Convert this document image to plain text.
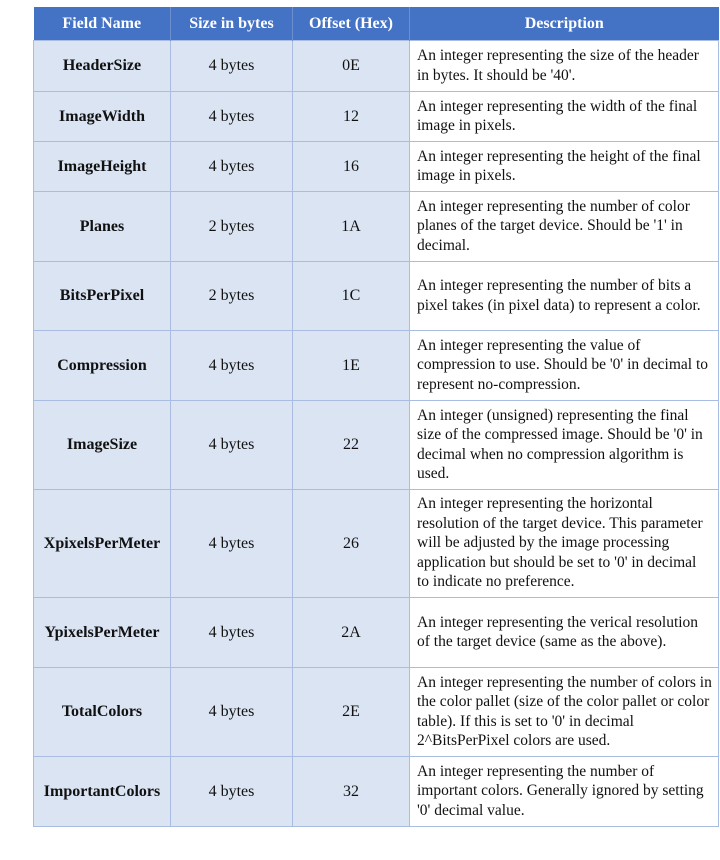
Field Name	Size in bytes	Offset (Hex)	Description
HeaderSize	4 bytes	0E	An integer representing the size of the header in bytes. It should be '40'.
ImageWidth	4 bytes	12	An integer representing the width of the final image in pixels.
ImageHeight	4 bytes	16	An integer representing the height of the final image in pixels.
Planes	2 bytes	1A	An integer representing the number of color planes of the target device. Should be '1' in decimal.
BitsPerPixel	2 bytes	1C	An integer representing the number of bits a pixel takes (in pixel data) to represent a color.
Compression	4 bytes	1E	An integer representing the value of compression to use. Should be '0' in decimal to represent no-compression.
ImageSize	4 bytes	22	An integer (unsigned) representing the final size of the compressed image. Should be '0' in decimal when no compression algorithm is used.
XpixelsPerMeter	4 bytes	26	An integer representing the horizontal resolution of the target device. This parameter will be adjusted by the image processing application but should be set to '0' in decimal to indicate no preference.
YpixelsPerMeter	4 bytes	2A	An integer representing the verical resolution of the target device (same as the above).
TotalColors	4 bytes	2E	An integer representing the number of colors in the color pallet (size of the color pallet or color table). If this is set to '0' in decimal 2^BitsPerPixel colors are used.
ImportantColors	4 bytes	32	An integer representing the number of important colors. Generally ignored by setting '0' decimal value.
